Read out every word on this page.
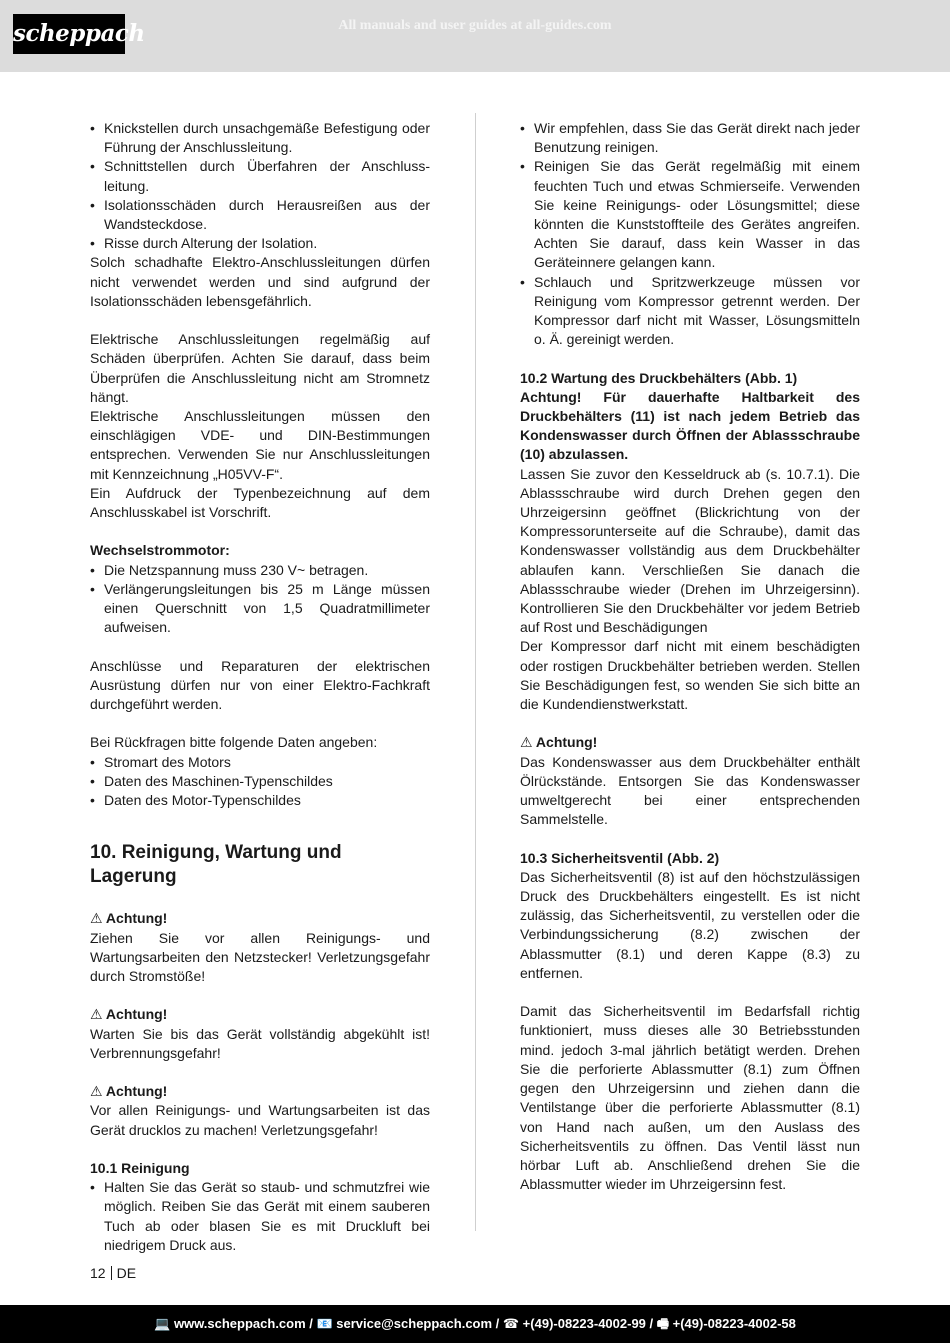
scheppach	All manuals and user guides at all-guides.com
• Knickstellen durch unsachgemäße Befestigung oder Führung der Anschlussleitung.
• Schnittstellen durch Überfahren der Anschluss-leitung.
• Isolationsschäden durch Herausreißen aus der Wandsteckdose.
• Risse durch Alterung der Isolation.

Solch schadhafte Elektro-Anschlussleitungen dürfen nicht verwendet werden und sind aufgrund der Isolationsschäden lebensgefährlich.

Elektrische Anschlussleitungen regelmäßig auf Schäden überprüfen. Achten Sie darauf, dass beim Überprüfen die Anschlussleitung nicht am Stromnetz hängt.

Elektrische Anschlussleitungen müssen den einschlägigen VDE- und DIN-Bestimmungen entsprechen. Verwenden Sie nur Anschlussleitungen mit Kennzeichnung „H05VV-F“.

Ein Aufdruck der Typenbezeichnung auf dem Anschlusskabel ist Vorschrift.

Wechselstrommotor:

• Die Netzspannung muss 230 V~ betragen.
• Verlängerungsleitungen bis 25 m Länge müssen einen Querschnitt von 1,5 Quadratmillimeter aufweisen.

Anschlüsse und Reparaturen der elektrischen Ausrüstung dürfen nur von einer Elektro-Fachkraft durchgeführt werden.

Bei Rückfragen bitte folgende Daten angeben:

• Stromart des Motors
• Daten des Maschinen-Typenschildes
• Daten des Motor-Typenschildes
10. Reinigung, Wartung und Lagerung

⚠ Achtung!

Ziehen Sie vor allen Reinigungs- und Wartungsarbeiten den Netzstecker! Verletzungsgefahr durch Stromstöße!

⚠ Achtung!

Warten Sie bis das Gerät vollständig abgekühlt ist! Verbrennungsgefahr!

⚠ Achtung!

Vor allen Reinigungs- und Wartungsarbeiten ist das Gerät drucklos zu machen! Verletzungsgefahr!

10.1 Reinigung

• Halten Sie das Gerät so staub- und schmutzfrei wie möglich. Reiben Sie das Gerät mit einem sauberen Tuch ab oder blasen Sie es mit Druckluft bei niedrigem Druck aus.
• Wir empfehlen, dass Sie das Gerät direkt nach jeder Benutzung reinigen.
• Reinigen Sie das Gerät regelmäßig mit einem feuchten Tuch und etwas Schmierseife. Verwenden Sie keine Reinigungs- oder Lösungsmittel; diese könnten die Kunststoffteile des Gerätes angreifen. Achten Sie darauf, dass kein Wasser in das Geräteinnere gelangen kann.
• Schlauch und Spritzwerkzeuge müssen vor Reinigung vom Kompressor getrennt werden. Der Kompressor darf nicht mit Wasser, Lösungsmitteln o. Ä. gereinigt werden.

10.2 Wartung des Druckbehälters (Abb. 1)

Achtung! Für dauerhafte Haltbarkeit des Druckbehälters (11) ist nach jedem Betrieb das Kondenswasser durch Öffnen der Ablassschraube (10) abzulassen.

Lassen Sie zuvor den Kesseldruck ab (s. 10.7.1). Die Ablassschraube wird durch Drehen gegen den Uhrzeigersinn geöffnet (Blickrichtung von der Kompressorunterseite auf die Schraube), damit das Kondenswasser vollständig aus dem Druckbehälter ablaufen kann. Verschließen Sie danach die Ablassschraube wieder (Drehen im Uhrzeigersinn). Kontrollieren Sie den Druckbehälter vor jedem Betrieb auf Rost und Beschädigungen

Der Kompressor darf nicht mit einem beschädigten oder rostigen Druckbehälter betrieben werden. Stellen Sie Beschädigungen fest, so wenden Sie sich bitte an die Kundendienstwerkstatt.

⚠ Achtung!

Das Kondenswasser aus dem Druckbehälter enthält Ölrückstände. Entsorgen Sie das Kondenswasser umweltgerecht bei einer entsprechenden Sammelstelle.

10.3 Sicherheitsventil (Abb. 2)

Das Sicherheitsventil (8) ist auf den höchstzulässigen Druck des Druckbehälters eingestellt. Es ist nicht zulässig, das Sicherheitsventil, zu verstellen oder die Verbindungssicherung (8.2) zwischen der Ablassmutter (8.1) und deren Kappe (8.3) zu entfernen.

Damit das Sicherheitsventil im Bedarfsfall richtig funktioniert, muss dieses alle 30 Betriebsstunden mind. jedoch 3-mal jährlich betätigt werden. Drehen Sie die perforierte Ablassmutter (8.1) zum Öffnen gegen den Uhrzeigersinn und ziehen dann die Ventilstange über die perforierte Ablassmutter (8.1) von Hand nach außen, um den Auslass des Sicherheitsventils zu öffnen. Das Ventil lässt nun hörbar Luft ab. Anschließend drehen Sie die Ablassmutter wieder im Uhrzeigersinn fest.

12 DE
💻 www.scheppach.com / 📧 service@scheppach.com / ☎ +(49)-08223-4002-99 / 🖷 +(49)-08223-4002-58
